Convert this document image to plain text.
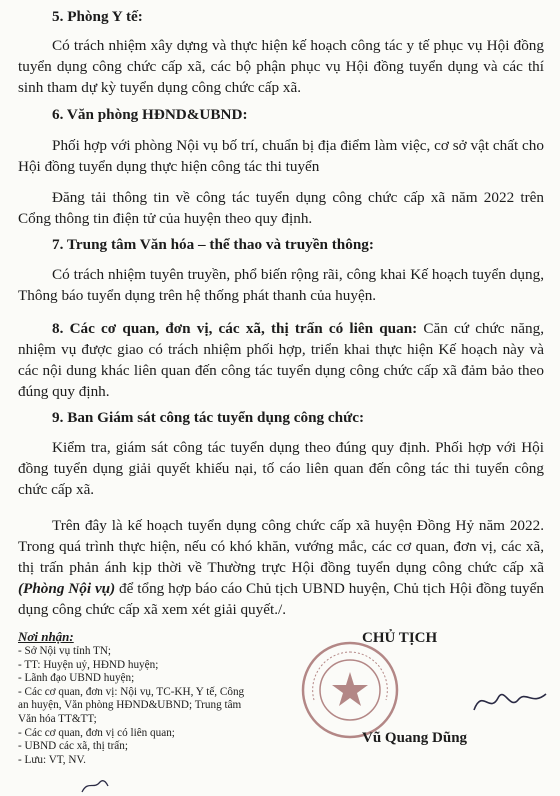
5. Phòng Y tế:

Có trách nhiệm xây dựng và thực hiện kế hoạch công tác y tế phục vụ Hội đồng tuyển dụng công chức cấp xã, các bộ phận phục vụ Hội đồng tuyển dụng và các thí sinh tham dự kỳ tuyển dụng công chức cấp xã.

6. Văn phòng HĐND&UBND:

Phối hợp với phòng Nội vụ bố trí, chuẩn bị địa điểm làm việc, cơ sở vật chất cho Hội đồng tuyển dụng thực hiện công tác thi tuyển

Đăng tải thông tin về công tác tuyển dụng công chức cấp xã năm 2022 trên Cổng thông tin điện tử của huyện theo quy định.

7. Trung tâm Văn hóa – thể thao và truyền thông:

Có trách nhiệm tuyên truyền, phổ biến rộng rãi, công khai Kế hoạch tuyển dụng, Thông báo tuyển dụng trên hệ thống phát thanh của huyện.

8. Các cơ quan, đơn vị, các xã, thị trấn có liên quan: Căn cứ chức năng, nhiệm vụ được giao có trách nhiệm phối hợp, triển khai thực hiện Kế hoạch này và các nội dung khác liên quan đến công tác tuyển dụng công chức cấp xã đảm bảo theo đúng quy định.

9. Ban Giám sát công tác tuyển dụng công chức:

Kiểm tra, giám sát công tác tuyển dụng theo đúng quy định. Phối hợp với Hội đồng tuyển dụng giải quyết khiếu nại, tố cáo liên quan đến công tác thi tuyển công chức cấp xã.

Trên đây là kế hoạch tuyển dụng công chức cấp xã huyện Đồng Hỷ năm 2022. Trong quá trình thực hiện, nếu có khó khăn, vướng mắc, các cơ quan, đơn vị, các xã, thị trấn phản ánh kịp thời về Thường trực Hội đồng tuyển dụng công chức cấp xã (Phòng Nội vụ) để tổng hợp báo cáo Chủ tịch UBND huyện, Chủ tịch Hội đồng tuyển dụng công chức cấp xã xem xét giải quyết./.

Nơi nhận:
- Sở Nội vụ tỉnh TN;
- TT: Huyện uỷ, HĐND huyện;
- Lãnh đạo UBND huyện;
- Các cơ quan, đơn vị: Nội vụ, TC-KH, Y tế, Công an huyện, Văn phòng HĐND&UBND; Trung tâm Văn hóa TT&TT;
- Các cơ quan, đơn vị có liên quan;
- UBND các xã, thị trấn;
- Lưu: VT, NV.
CHỦ TỊCH
Vũ Quang Dũng
